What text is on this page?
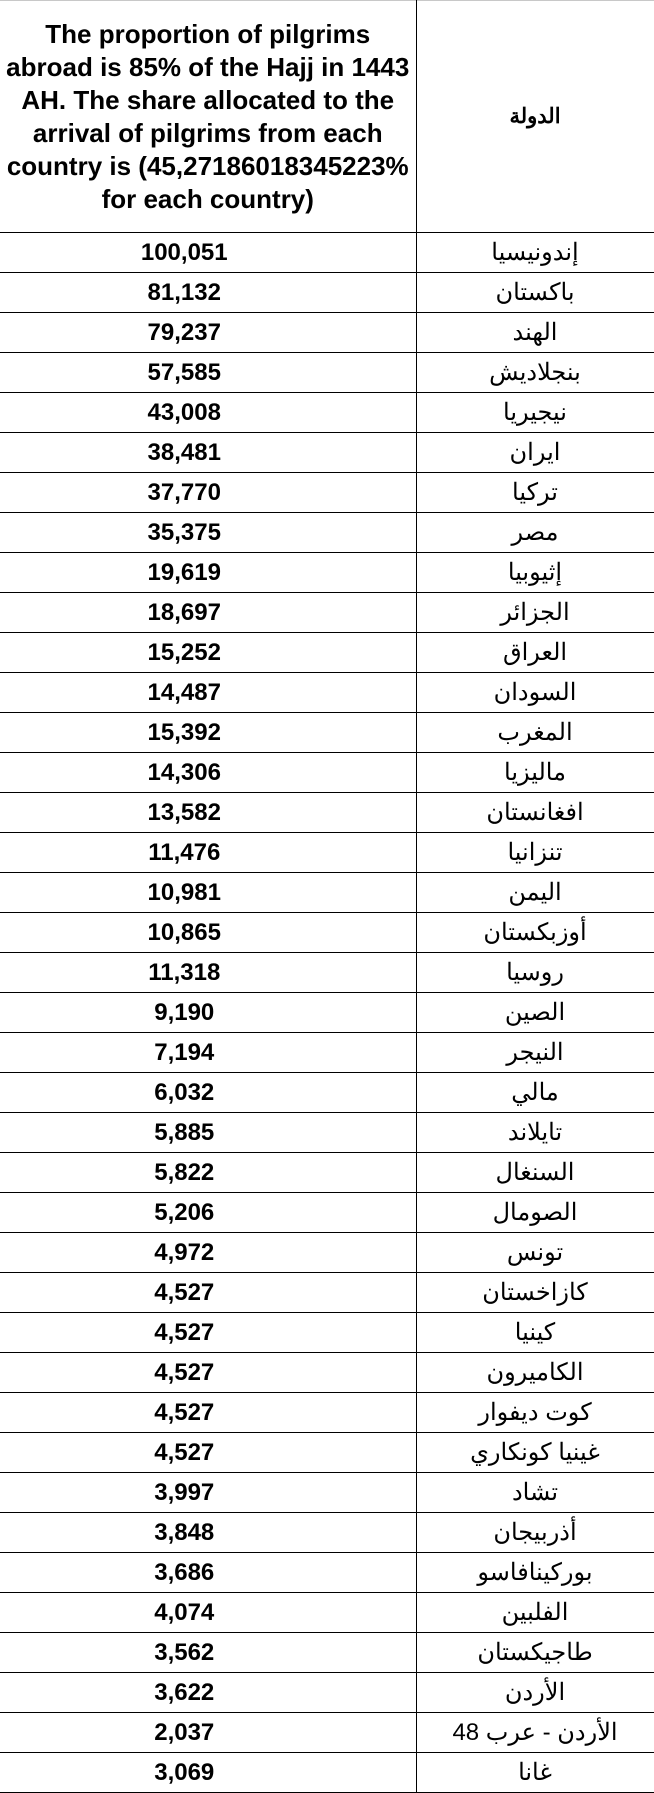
The proportion of pilgrims abroad is 85% of the Hajj in 1443 AH. The share allocated to the arrival of pilgrims from each country is (45,27186018345223% for each country)	الدولة
100,051	إندونيسيا
81,132	باكستان
79,237	الهند
57,585	بنجلاديش
43,008	نيجيريا
38,481	ايران
37,770	تركيا
35,375	مصر
19,619	إثيوبيا
18,697	الجزائر
15,252	العراق
14,487	السودان
15,392	المغرب
14,306	ماليزيا
13,582	افغانستان
11,476	تنزانيا
10,981	اليمن
10,865	أوزبكستان
11,318	روسيا
9,190	الصين
7,194	النيجر
6,032	مالي
5,885	تايلاند
5,822	السنغال
5,206	الصومال
4,972	تونس
4,527	كازاخستان
4,527	كينيا
4,527	الكاميرون
4,527	كوت ديفوار
4,527	غينيا كونكاري
3,997	تشاد
3,848	أذربيجان
3,686	بوركينافاسو
4,074	الفلبين
3,562	طاجيكستان
3,622	الأردن
2,037	الأردن - عرب 48
3,069	غانا
